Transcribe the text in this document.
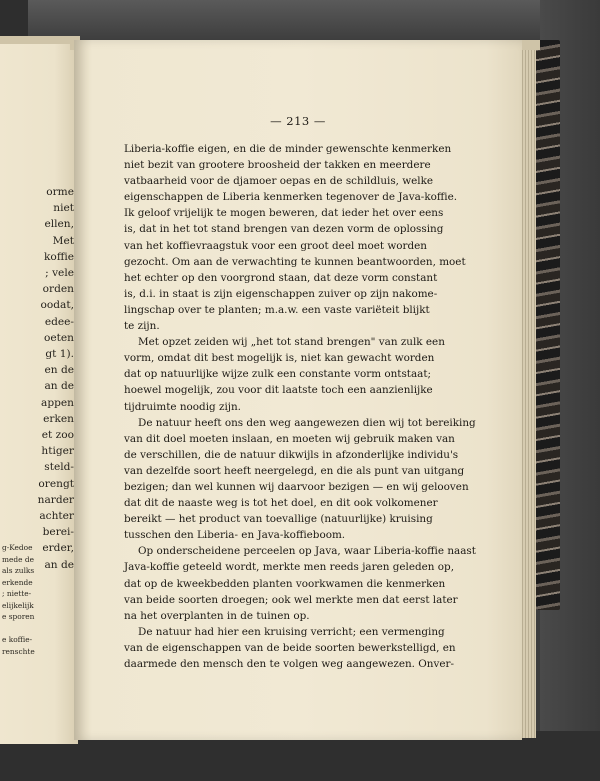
orme
niet
ellen,
Met
koffie
; vele
orden
oodat,
edee-
oeten
gt 1).
en de
an de
appen
erken
et zoo
htiger
steld-
orengt
narder
achter
berei-
erder,
an de
g-Kedoe
mede de
als zulks
erkende
; niette-
elijkelijk
e sporen

e koffie-
renschte
— 213 —
Liberia-koffie eigen, en die de minder gewenschte kenmerken
niet bezit van grootere broosheid der takken en meerdere
vatbaarheid voor de djamoer oepas en de schildluis, welke
eigenschappen de Liberia kenmerken tegenover de Java-koffie.
Ik geloof vrijelijk te mogen beweren, dat ieder het over eens
is, dat in het tot stand brengen van dezen vorm de oplossing
van het koffievraagstuk voor een groot deel moet worden
gezocht. Om aan de verwachting te kunnen beantwoorden, moet
het echter op den voorgrond staan, dat deze vorm constant
is, d.i. in staat is zijn eigenschappen zuiver op zijn nakome-
lingschap over te planten; m.a.w. een vaste variëteit blijkt
te zijn.
Met opzet zeiden wij „het tot stand brengen" van zulk een
vorm, omdat dit best mogelijk is, niet kan gewacht worden
dat op natuurlijke wijze zulk een constante vorm ontstaat;
hoewel mogelijk, zou voor dit laatste toch een aanzienlijke
tijdruimte noodig zijn.
De natuur heeft ons den weg aangewezen dien wij tot bereiking
van dit doel moeten inslaan, en moeten wij gebruik maken van
de verschillen, die de natuur dikwijls in afzonderlijke individu's
van dezelfde soort heeft neergelegd, en die als punt van uitgang
bezigen; dan wel kunnen wij daarvoor bezigen — en wij gelooven
dat dit de naaste weg is tot het doel, en dit ook volkomener
bereikt — het product van toevallige (natuurlijke) kruising
tusschen den Liberia- en Java-koffieboom.
Op onderscheidene perceelen op Java, waar Liberia-koffie naast
Java-koffie geteeld wordt, merkte men reeds jaren geleden op,
dat op de kweekbedden planten voorkwamen die kenmerken
van beide soorten droegen; ook wel merkte men dat eerst later
na het overplanten in de tuinen op.
De natuur had hier een kruising verricht; een vermenging
van de eigenschappen van de beide soorten bewerkstelligd, en
daarmede den mensch den te volgen weg aangewezen. Onver-
